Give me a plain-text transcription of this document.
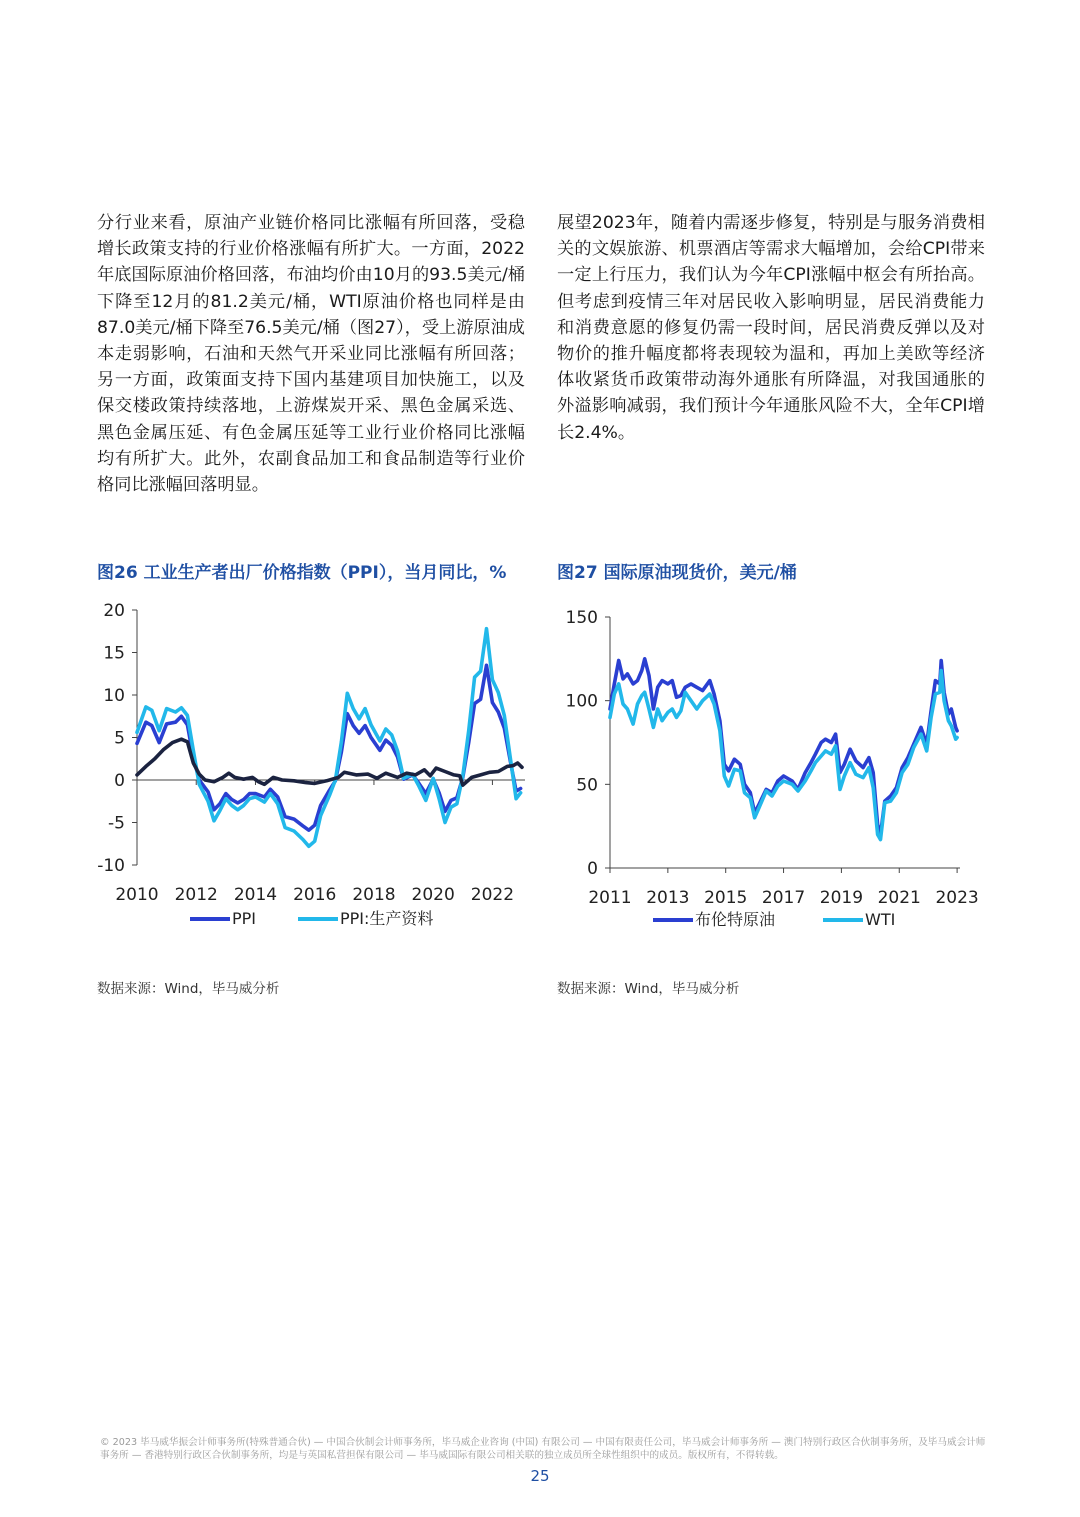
分行业来看，原油产业链价格同比涨幅有所回落，受稳增长政策支持的行业价格涨幅有所扩大。一方面，2022年底国际原油价格回落，布油均价由10月的93.5美元/桶下降至12月的81.2美元/桶，WTI原油价格也同样是由87.0美元/桶下降至76.5美元/桶（图27），受上游原油成本走弱影响，石油和天然气开采业同比涨幅有所回落；另一方面，政策面支持下国内基建项目加快施工，以及保交楼政策持续落地，上游煤炭开采、黑色金属采选、黑色金属压延、有色金属压延等工业行业价格同比涨幅均有所扩大。此外，农副食品加工和食品制造等行业价格同比涨幅回落明显。

展望2023年，随着内需逐步修复，特别是与服务消费相关的文娱旅游、机票酒店等需求大幅增加，会给CPI带来一定上行压力，我们认为今年CPI涨幅中枢会有所抬高。但考虑到疫情三年对居民收入影响明显，居民消费能力和消费意愿的修复仍需一段时间，居民消费反弹以及对物价的推升幅度都将表现较为温和，再加上美欧等经济体收紧货币政策带动海外通胀有所降温，对我国通胀的外溢影响减弱，我们预计今年通胀风险不大，全年CPI增长2.4%。

图26 工业生产者出厂价格指数（PPI），当月同比，%	图27 国际原油现货价，美元/桶
20
15
10
5
0
-5
-10
2010 2012 2014 2016 2018 2020 2022
PPI	PPI:生产资料
150
100
50
0
2011 2013 2015 2017 2019 2021 2023
布伦特原油	WTI
数据来源：Wind，毕马威分析	数据来源：Wind，毕马威分析
© 2023 毕马威华振会计师事务所(特殊普通合伙) — 中国合伙制会计师事务所，毕马威企业咨询 (中国) 有限公司 — 中国有限责任公司，毕马威会计师事务所 — 澳门特别行政区合伙制事务所，及毕马威会计师事务所 — 香港特别行政区合伙制事务所，均是与英国私营担保有限公司 — 毕马威国际有限公司相关联的独立成员所全球性组织中的成员。版权所有，不得转载。
25
